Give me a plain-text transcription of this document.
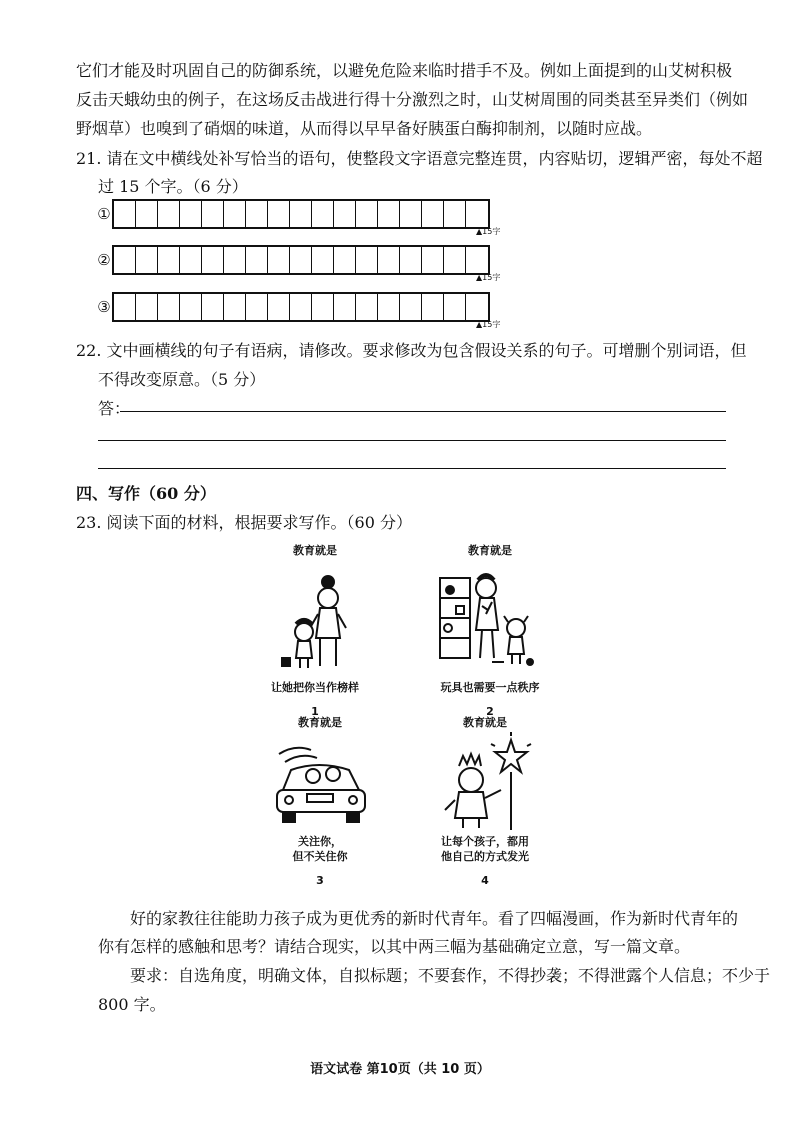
它们才能及时巩固自己的防御系统，以避免危险来临时措手不及。例如上面提到的山艾树积极
反击天蛾幼虫的例子，在这场反击战进行得十分激烈之时，山艾树周围的同类甚至异类们（例如
野烟草）也嗅到了硝烟的味道，从而得以早早备好胰蛋白酶抑制剂，以随时应战。
21. 请在文中横线处补写恰当的语句，使整段文字语意完整连贯，内容贴切，逻辑严密，每处不超
过 15 个字。（6 分）
①
▲15字
②
▲15字
③
▲15字
22. 文中画横线的句子有语病，请修改。要求修改为包含假设关系的句子。可增删个别词语，但
不得改变原意。（5 分）
答：
四、写作（60 分）
23. 阅读下面的材料，根据要求写作。（60 分）
教育就是
让她把你当作榜样
1
教育就是
玩具也需要一点秩序
2
教育就是
关注你，
但不关住你
3
教育就是
让每个孩子，都用
他自己的方式发光
4
好的家教往往能助力孩子成为更优秀的新时代青年。看了四幅漫画，作为新时代青年的
你有怎样的感触和思考？请结合现实，以其中两三幅为基础确定立意，写一篇文章。
要求：自选角度，明确文体，自拟标题；不要套作，不得抄袭；不得泄露个人信息；不少于
800 字。
语文试卷 第10页（共 10 页）
